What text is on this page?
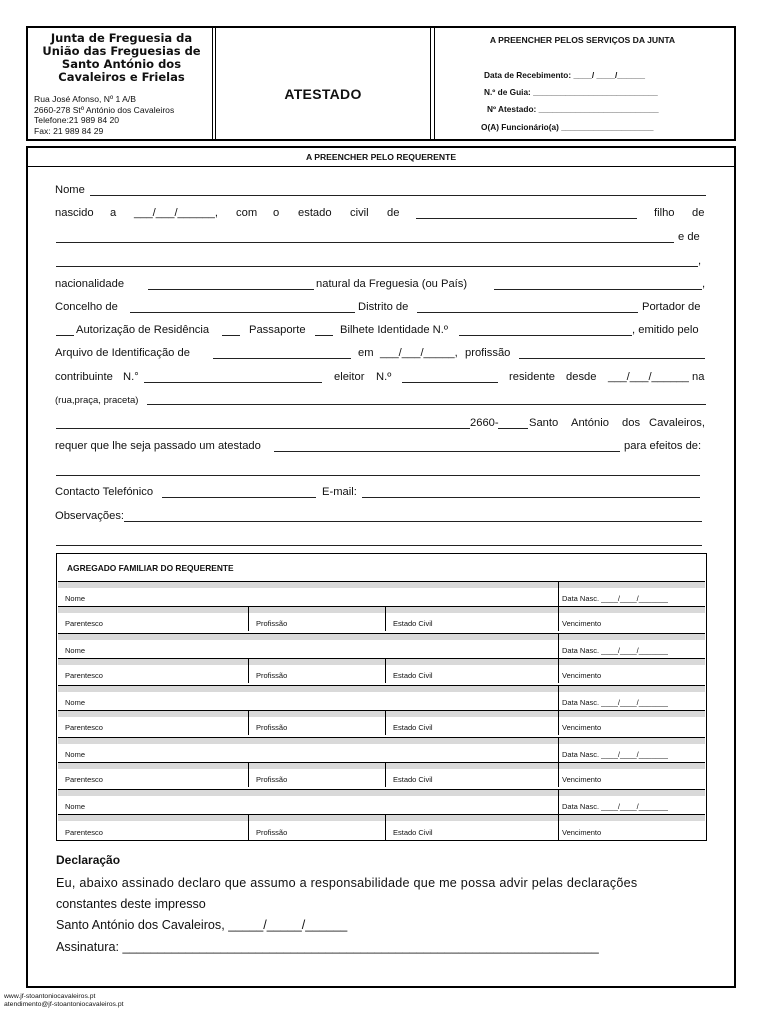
Junta de Freguesia da União das Freguesias de Santo António dos Cavaleiros e Frielas
Rua José Afonso, Nº 1 A/B
2660-278 Stº António dos Cavaleiros
Telefone:21 989 84 20
Fax: 21 989 84 29
ATESTADO
A PREENCHER PELOS SERVIÇOS DA JUNTA
Data de Recebimento: ____/ ____/______
N.º de Guia: ___________________________
Nº Atestado: __________________________
O(A) Funcionário(a) ____________________
A PREENCHER PELO REQUERENTE
Nome
nascido a ___/___/______, com o estado civil de	filho de
e de
,
nacionalidade	natural da Freguesia (ou País)	,
Concelho de	Distrito de	Portador de
Autorização de Residência	Passaporte	Bilhete Identidade N.º	, emitido pelo
Arquivo de Identificação de	em ___/___/_____, profissão
contribuinte N.°	eleitor N.º	residente desde ___/___/______ na
(rua,praça, praceta)
2660-	Santo António dos Cavaleiros,
requer que lhe seja passado um atestado	para efeitos de:
Contacto Telefónico	E-mail:
Observações:
AGREGADO FAMILIAR DO REQUERENTE
Nome	Data Nasc. ____/____/_______
Parentesco	Profissão	Estado Civil	Vencimento
Nome	Data Nasc. ____/____/_______
Parentesco	Profissão	Estado Civil	Vencimento
Nome	Data Nasc. ____/____/_______
Parentesco	Profissão	Estado Civil	Vencimento
Nome	Data Nasc. ____/____/_______
Parentesco	Profissão	Estado Civil	Vencimento
Nome	Data Nasc. ____/____/_______
Parentesco	Profissão	Estado Civil	Vencimento
Declaração
Eu, abaixo assinado declaro que assumo a responsabilidade que me possa advir pelas declarações
constantes deste impresso
Santo António dos Cavaleiros, _____/_____/______
Assinatura: ____________________________________________________________________
www.jf-stoantoniocavaleiros.pt
atendimento@jf-stoantoniocavaleiros.pt
